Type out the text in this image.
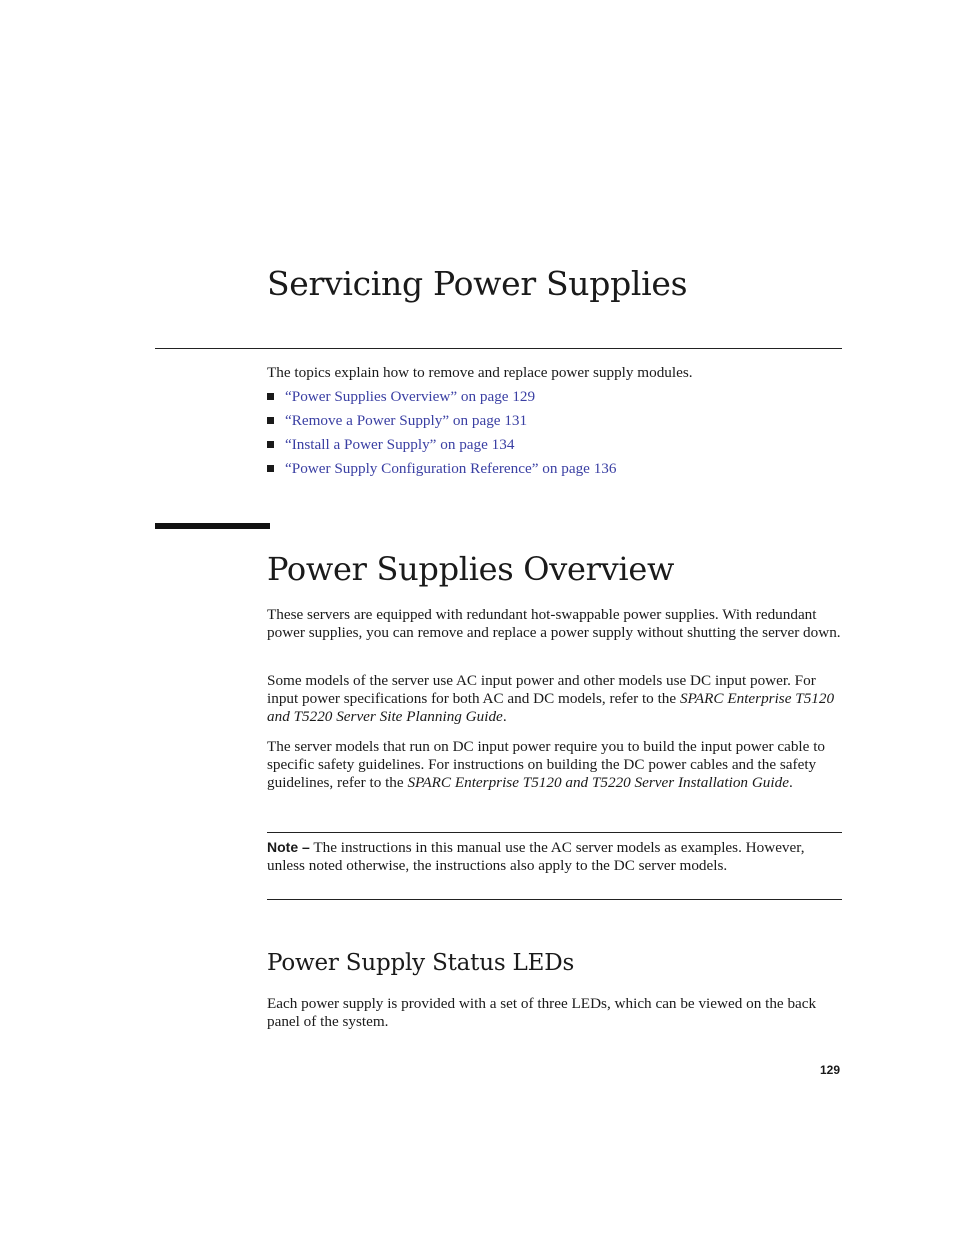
Servicing Power Supplies

The topics explain how to remove and replace power supply modules.

“Power Supplies Overview” on page 129
“Remove a Power Supply” on page 131
“Install a Power Supply” on page 134
“Power Supply Configuration Reference” on page 136
Power Supplies Overview

These servers are equipped with redundant hot-swappable power supplies. With redundant power supplies, you can remove and replace a power supply without shutting the server down.

Some models of the server use AC input power and other models use DC input power. For input power specifications for both AC and DC models, refer to the SPARC Enterprise T5120 and T5220 Server Site Planning Guide.

The server models that run on DC input power require you to build the input power cable to specific safety guidelines. For instructions on building the DC power cables and the safety guidelines, refer to the SPARC Enterprise T5120 and T5220 Server Installation Guide.

Note – The instructions in this manual use the AC server models as examples. However, unless noted otherwise, the instructions also apply to the DC server models.

Power Supply Status LEDs

Each power supply is provided with a set of three LEDs, which can be viewed on the back panel of the system.

129
